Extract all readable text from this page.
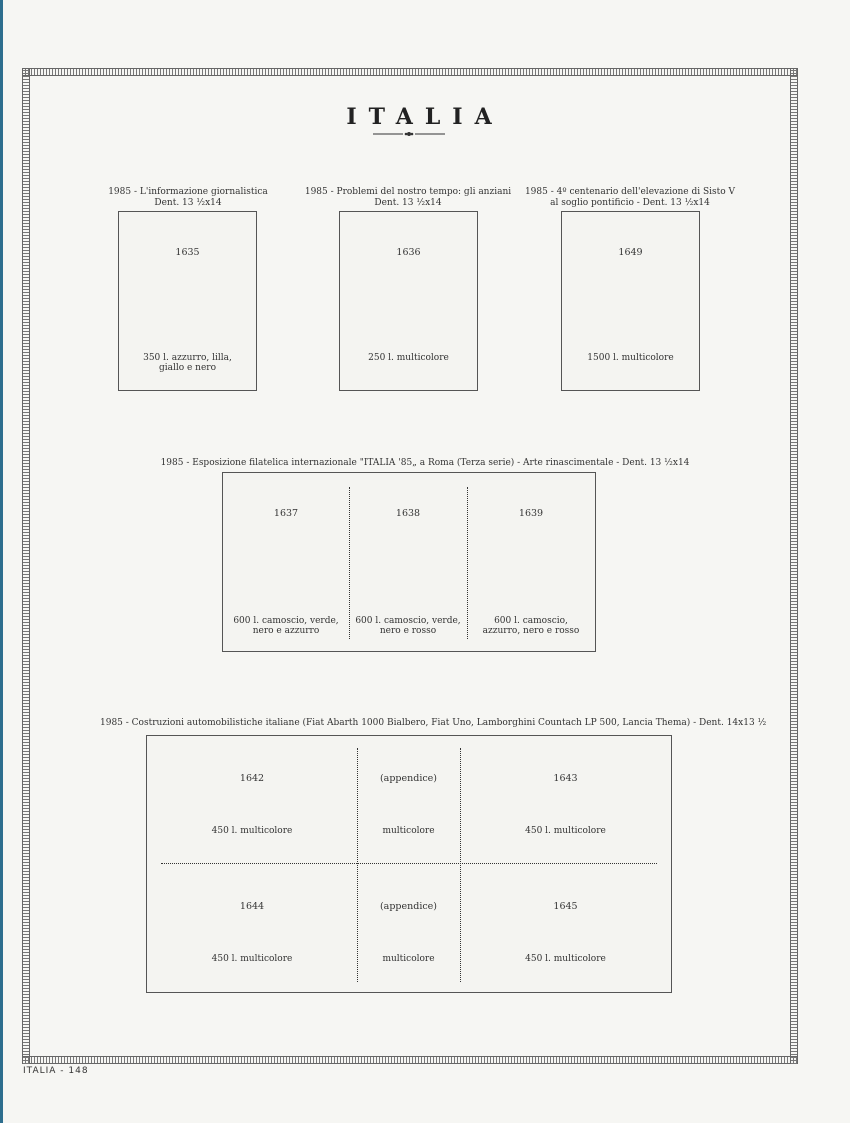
ITALIA
1985 - L'informazione giornalistica
Dent. 13 ½x14
1635
350 l. azzurro, lilla,
giallo e nero
1985 - Problemi del nostro tempo: gli anziani
Dent. 13 ½x14
1636
250 l. multicolore
1985 - 4º centenario dell'elevazione di Sisto V
al soglio pontificio - Dent. 13 ½x14
1649
1500 l. multicolore
1985 - Esposizione filatelica internazionale "ITALIA '85„ a Roma (Terza serie) - Arte rinascimentale - Dent. 13 ½x14
1637
600 l. camoscio, verde,
nero e azzurro
1638
600 l. camoscio, verde,
nero e rosso
1639
600 l. camoscio,
azzurro, nero e rosso
1985 - Costruzioni automobilistiche italiane (Fiat Abarth 1000 Bialbero, Fiat Uno, Lamborghini Countach LP 500, Lancia Thema) - Dent. 14x13 ½
1642
450 l. multicolore
(appendice)
multicolore
1643
450 l. multicolore
1644
450 l. multicolore
(appendice)
multicolore
1645
450 l. multicolore
ITALIA - 148
